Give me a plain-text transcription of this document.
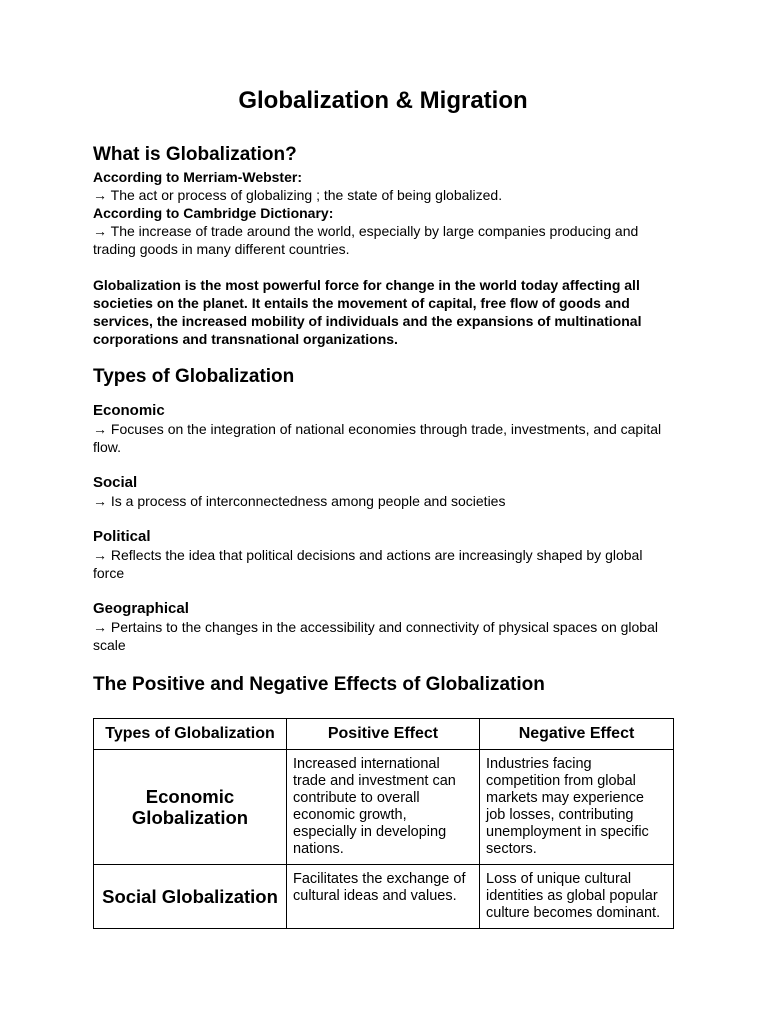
Globalization & Migration
What is Globalization?

According to Merriam-Webster:

→ The act or process of globalizing ; the state of being globalized.

According to Cambridge Dictionary:

→ The increase of trade around the world, especially by large companies producing and trading goods in many different countries.

Globalization is the most powerful force for change in the world today affecting all societies on the planet. It entails the movement of capital, free flow of goods and services, the increased mobility of individuals and the expansions of multinational corporations and transnational organizations.

Types of Globalization

Economic

→ Focuses on the integration of national economies through trade, investments, and capital flow.

Social

→ Is a process of interconnectedness among people and societies

Political

→ Reflects the idea that political decisions and actions are increasingly shaped by global force

Geographical

→ Pertains to the changes in the accessibility and connectivity of physical spaces on global scale

The Positive and Negative Effects of Globalization
Types of Globalization	Positive Effect	Negative Effect
Economic Globalization	Increased international trade and investment can contribute to overall economic growth, especially in developing nations.	Industries facing competition from global markets may experience job losses, contributing unemployment in specific sectors.
Social Globalization	Facilitates the exchange of cultural ideas and values.	Loss of unique cultural identities as global popular culture becomes dominant.
